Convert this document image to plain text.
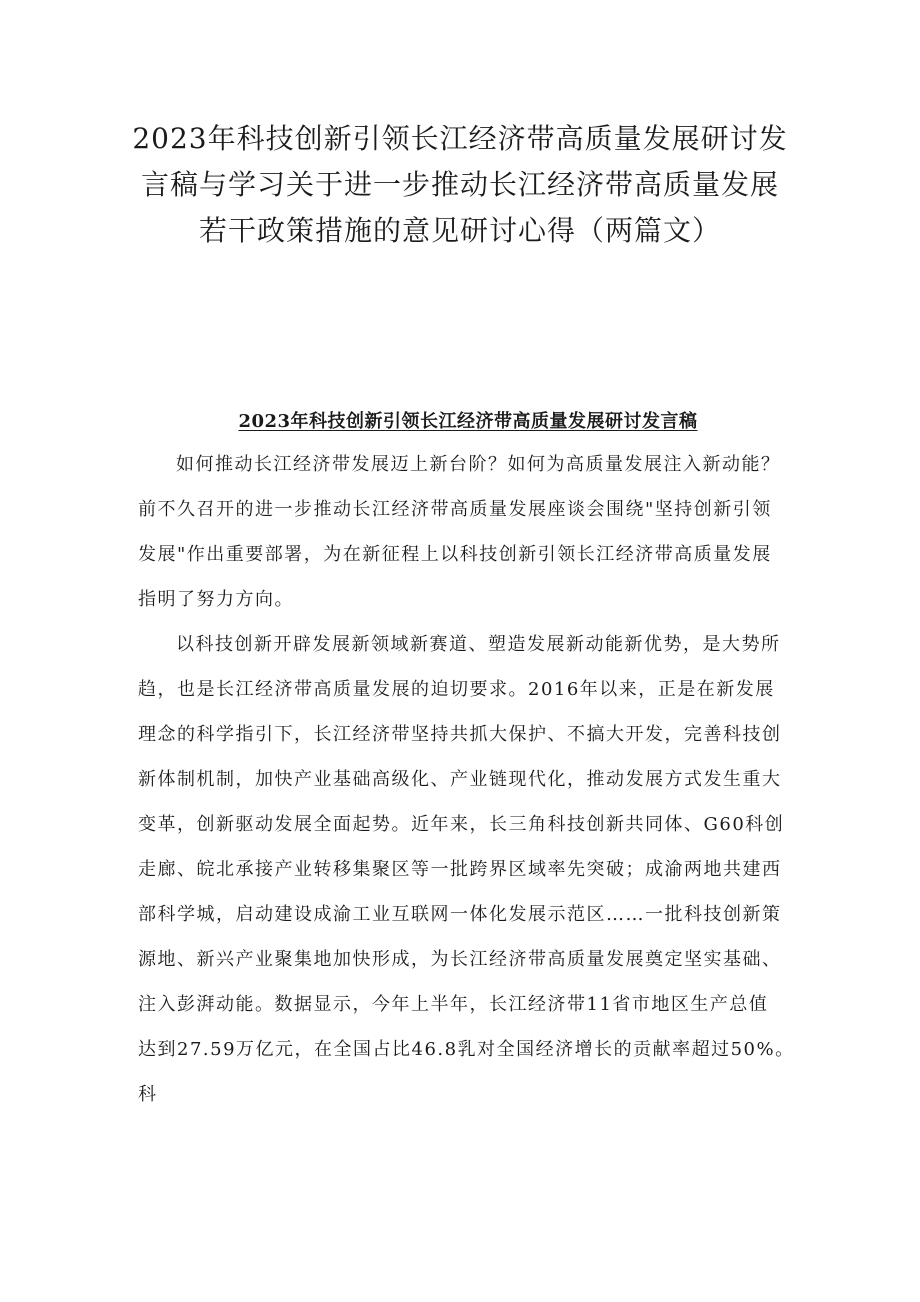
2023年科技创新引领长江经济带高质量发展研讨发
言稿与学习关于进一步推动长江经济带高质量发展
若干政策措施的意见研讨心得（两篇文）
2023年科技创新引领长江经济带高质量发展研讨发言稿

如何推动长江经济带发展迈上新台阶？如何为高质量发展注入新动能？
前不久召开的进一步推动长江经济带高质量发展座谈会围绕"坚持创新引领
发展"作出重要部署，为在新征程上以科技创新引领长江经济带高质量发展
指明了努力方向。

以科技创新开辟发展新领域新赛道、塑造发展新动能新优势，是大势所
趋，也是长江经济带高质量发展的迫切要求。2016年以来，正是在新发展
理念的科学指引下，长江经济带坚持共抓大保护、不搞大开发，完善科技创
新体制机制，加快产业基础高级化、产业链现代化，推动发展方式发生重大
变革，创新驱动发展全面起势。近年来，长三角科技创新共同体、G60科创
走廊、皖北承接产业转移集聚区等一批跨界区域率先突破；成渝两地共建西
部科学城，启动建设成渝工业互联网一体化发展示范区……一批科技创新策
源地、新兴产业聚集地加快形成，为长江经济带高质量发展奠定坚实基础、
注入彭湃动能。数据显示，今年上半年，长江经济带11省市地区生产总值
达到27.59万亿元，在全国占比46.8乳对全国经济增长的贡献率超过50%。
科
